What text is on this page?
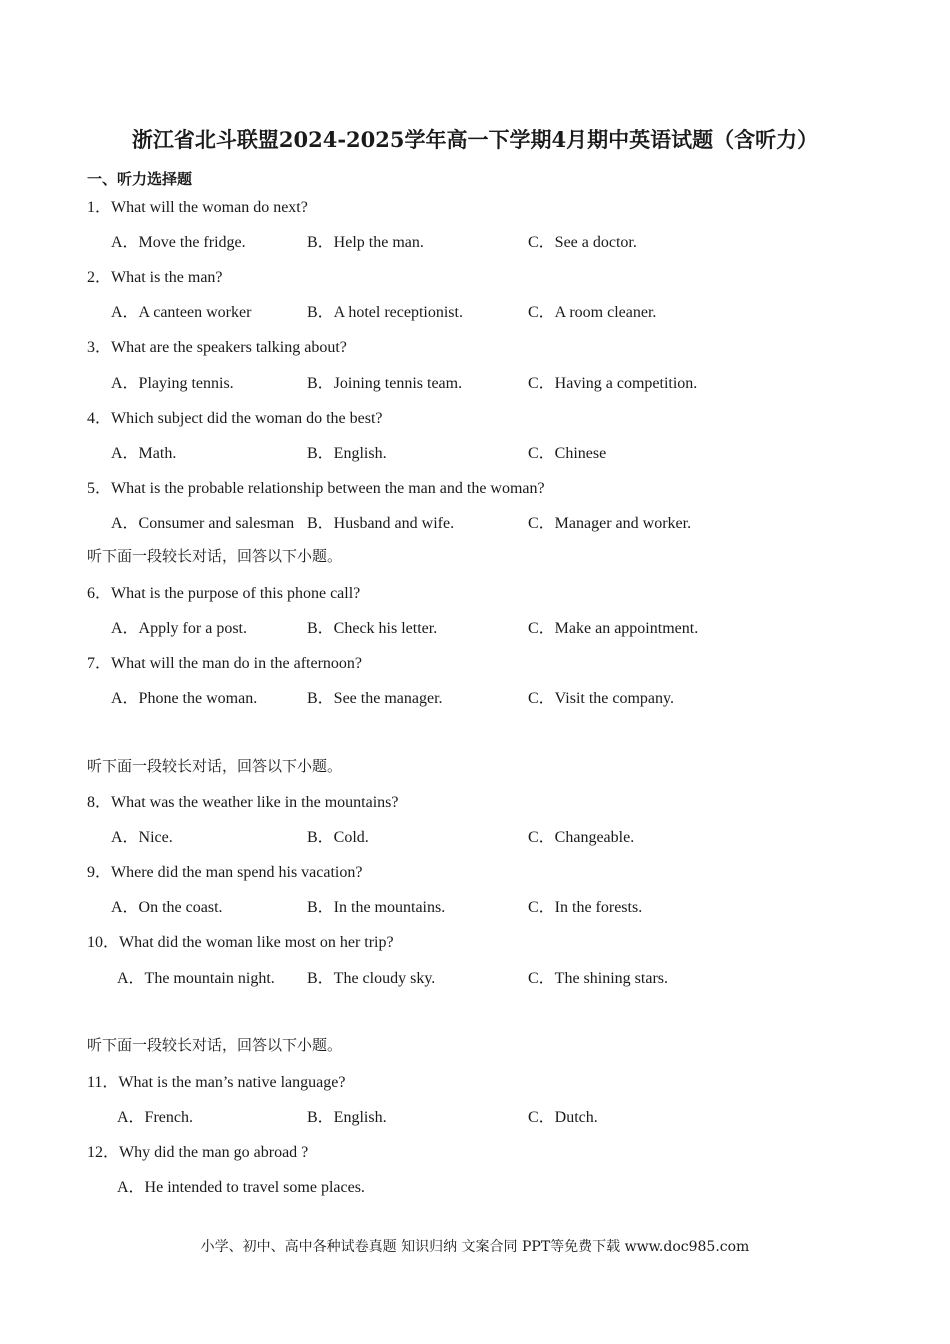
浙江省北斗联盟2024-2025学年高一下学期4月期中英语试题（含听力）
一、听力选择题
1．What will the woman do next?
A．Move the fridge.	B．Help the man.	C．See a doctor.
2．What is the man?
A．A canteen worker	B．A hotel receptionist.	C．A room cleaner.
3．What are the speakers talking about?
A．Playing tennis.	B．Joining tennis team.	C．Having a competition.
4．Which subject did the woman do the best?
A．Math.	B．English.	C．Chinese
5．What is the probable relationship between the man and the woman?
A．Consumer and salesman B．Husband and wife.	C．Manager and worker.
听下面一段较长对话，回答以下小题。
6．What is the purpose of this phone call?
A．Apply for a post.	B．Check his letter.	C．Make an appointment.
7．What will the man do in the afternoon?
A．Phone the woman.	B．See the manager.	C．Visit the company.
听下面一段较长对话，回答以下小题。
8．What was the weather like in the mountains?
A．Nice.	B．Cold.	C．Changeable.
9．Where did the man spend his vacation?
A．On the coast.	B．In the mountains.	C．In the forests.
10．What did the woman like most on her trip?
A．The mountain night. B．The cloudy sky.	C．The shining stars.
听下面一段较长对话，回答以下小题。
11．What is the man’s native language?
A．French.	B．English.	C．Dutch.
12．Why did the man go abroad ?
A．He intended to travel some places.
小学、初中、高中各种试卷真题 知识归纳 文案合同 PPT等免费下载 www.doc985.com
